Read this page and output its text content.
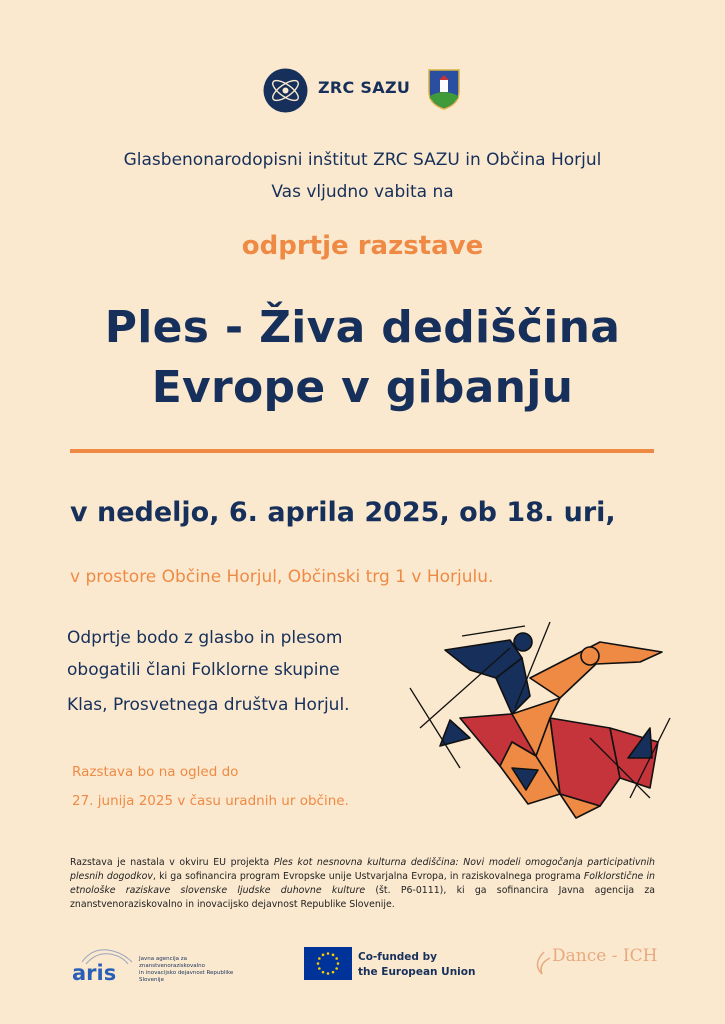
ZRC SAZU
Glasbenonarodopisni inštitut ZRC SAZU in Občina Horjul
Vas vljudno vabita na
odprtje razstave
Ples - Živa dediščina
Evrope v gibanju
v nedeljo, 6. aprila 2025, ob 18. uri,
v prostore Občine Horjul, Občinski trg 1 v Horjulu.
Odprtje bodo z glasbo in plesom
obogatili člani Folklorne skupine
Klas, Prosvetnega društva Horjul.
Razstava bo na ogled do
27. junija 2025 v času uradnih ur občine.
Razstava je nastala v okviru EU projekta Ples kot nesnovna kulturna dediščina: Novi modeli omogočanja participativnih plesnih dogodkov, ki ga sofinancira program Evropske unije Ustvarjalna Evropa, in raziskovalnega programa Folklorstične in etnološke raziskave slovenske ljudske duhovne kulture (št. P6-0111), ki ga sofinancira Javna agencija za znanstvenoraziskovalno in inovacijsko dejavnost Republike Slovenije.
aris
Javna agencija za znanstvenoraziskovalno
in inovacijsko dejavnost Republike Slovenije
Co-funded by
the European Union
Dance - ICH
